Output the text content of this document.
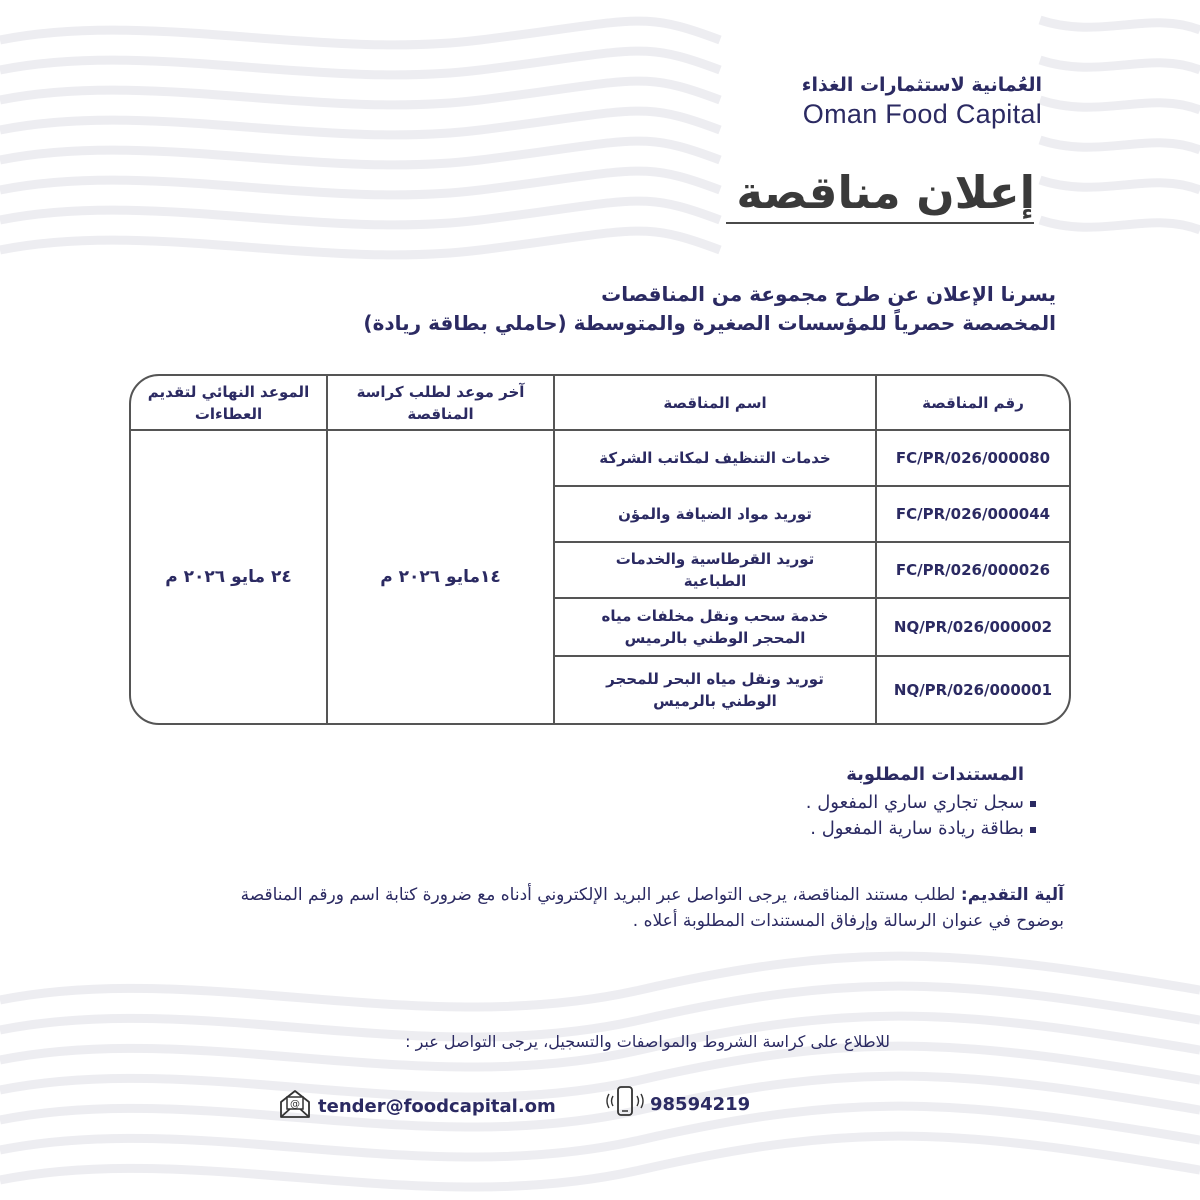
العُمانية لاستثمارات الغذاء
Oman Food Capital
إعلان مناقصة
يسرنا الإعلان عن طرح مجموعة من المناقصات
المخصصة حصرياً للمؤسسات الصغيرة والمتوسطة (حاملي بطاقة ريادة)
رقم المناقصة
اسم المناقصة
آخر موعد لطلب كراسة المناقصة
الموعد النهائي لتقديم العطاءات
FC/PR/026/000080
خدمات التنظيف لمكاتب الشركة
FC/PR/026/000044
توريد مواد الضيافة والمؤن
FC/PR/026/000026
توريد القرطاسية والخدمات الطباعية
NQ/PR/026/000002
خدمة سحب ونقل مخلفات مياه المحجر الوطني بالرميس
NQ/PR/026/000001
توريد ونقل مياه البحر للمحجر الوطني بالرميس
١٤مايو ٢٠٢٦ م
٢٤ مايو ٢٠٢٦ م
المستندات المطلوبة
سجل تجاري ساري المفعول .
بطاقة ريادة سارية المفعول .
آلية التقديم: لطلب مستند المناقصة، يرجى التواصل عبر البريد الإلكتروني أدناه مع ضرورة كتابة اسم ورقم المناقصة بوضوح في عنوان الرسالة وإرفاق المستندات المطلوبة أعلاه .
للاطلاع على كراسة الشروط والمواصفات والتسجيل، يرجى التواصل عبر :
@ tender@foodcapital.om	98594219
